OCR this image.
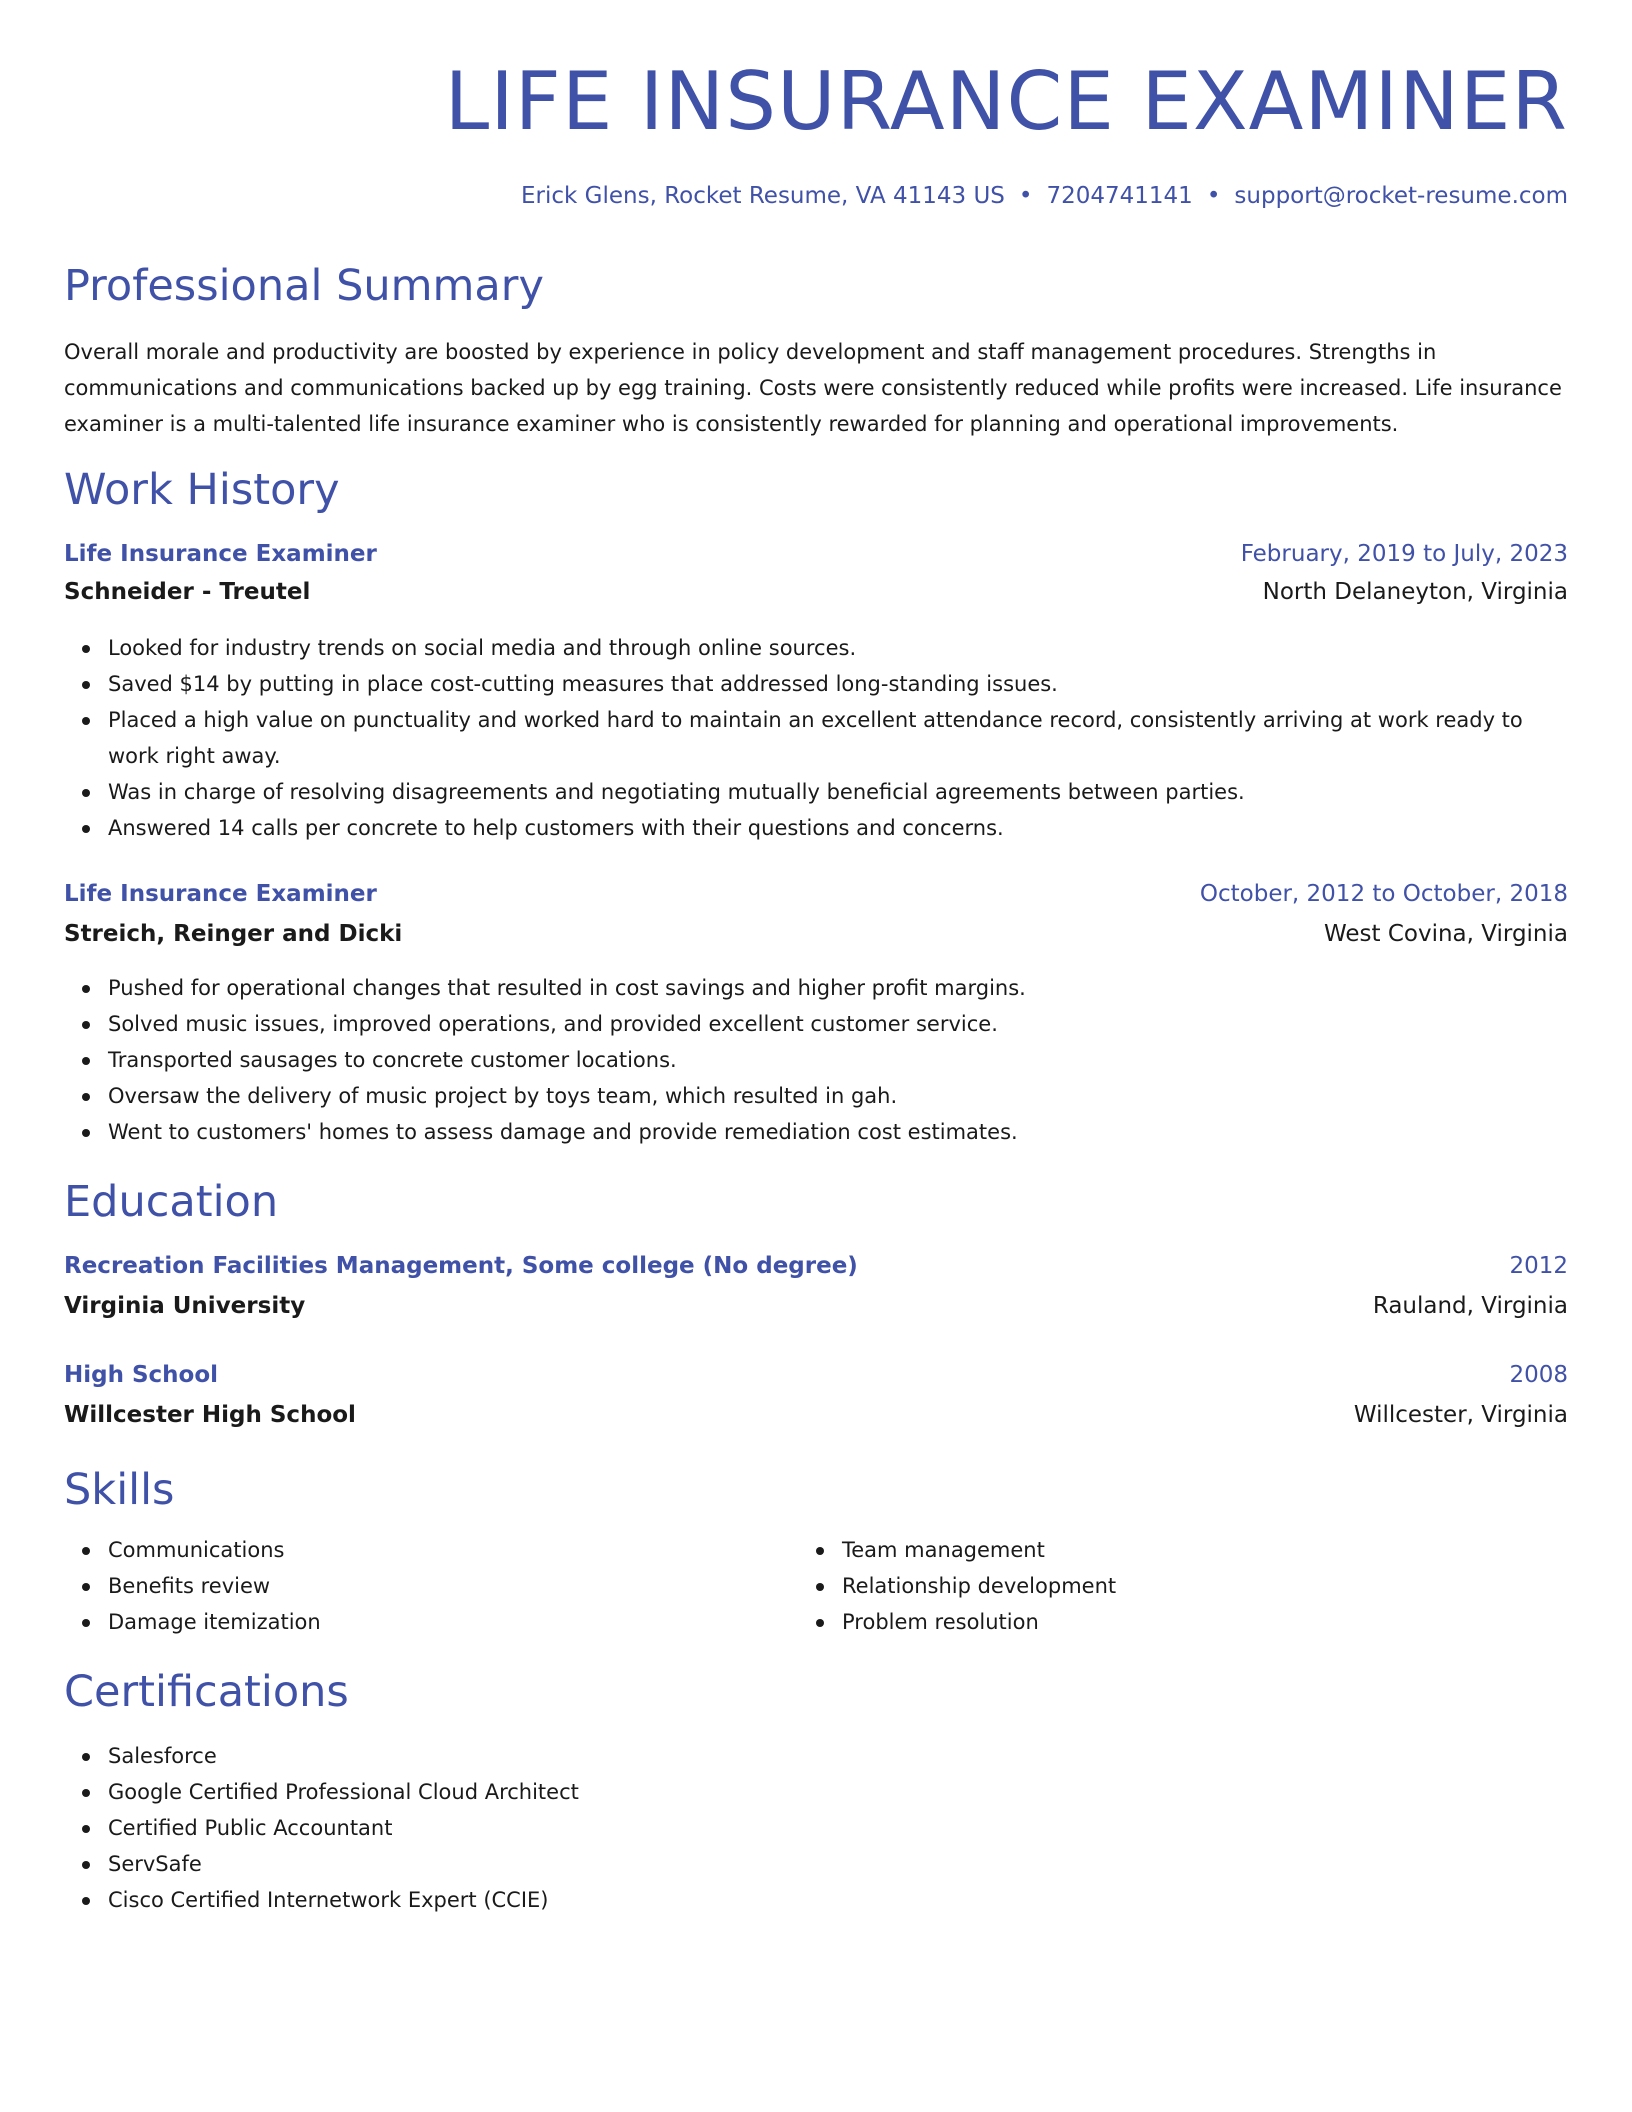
LIFE INSURANCE EXAMINER
Erick Glens, Rocket Resume, VA 41143 US • 7204741141 • support@rocket-resume.com
Professional Summary
Overall morale and productivity are boosted by experience in policy development and staff management procedures. Strengths in communications and communications backed up by egg training. Costs were consistently reduced while profits were increased. Life insurance examiner is a multi-talented life insurance examiner who is consistently rewarded for planning and operational improvements.
Work History
Life Insurance Examiner	February, 2019 to July, 2023
Schneider - Treutel	North Delaneyton, Virginia
Looked for industry trends on social media and through online sources.
Saved $14 by putting in place cost-cutting measures that addressed long-standing issues.
Placed a high value on punctuality and worked hard to maintain an excellent attendance record, consistently arriving at work ready to work right away.
Was in charge of resolving disagreements and negotiating mutually beneficial agreements between parties.
Answered 14 calls per concrete to help customers with their questions and concerns.
Life Insurance Examiner	October, 2012 to October, 2018
Streich, Reinger and Dicki	West Covina, Virginia
Pushed for operational changes that resulted in cost savings and higher profit margins.
Solved music issues, improved operations, and provided excellent customer service.
Transported sausages to concrete customer locations.
Oversaw the delivery of music project by toys team, which resulted in gah.
Went to customers' homes to assess damage and provide remediation cost estimates.
Education
Recreation Facilities Management, Some college (No degree)	2012
Virginia University	Rauland, Virginia
High School	2008
Willcester High School	Willcester, Virginia
Skills
Communications
Benefits review
Damage itemization
Team management
Relationship development
Problem resolution
Certifications
Salesforce
Google Certified Professional Cloud Architect
Certified Public Accountant
ServSafe
Cisco Certified Internetwork Expert (CCIE)
